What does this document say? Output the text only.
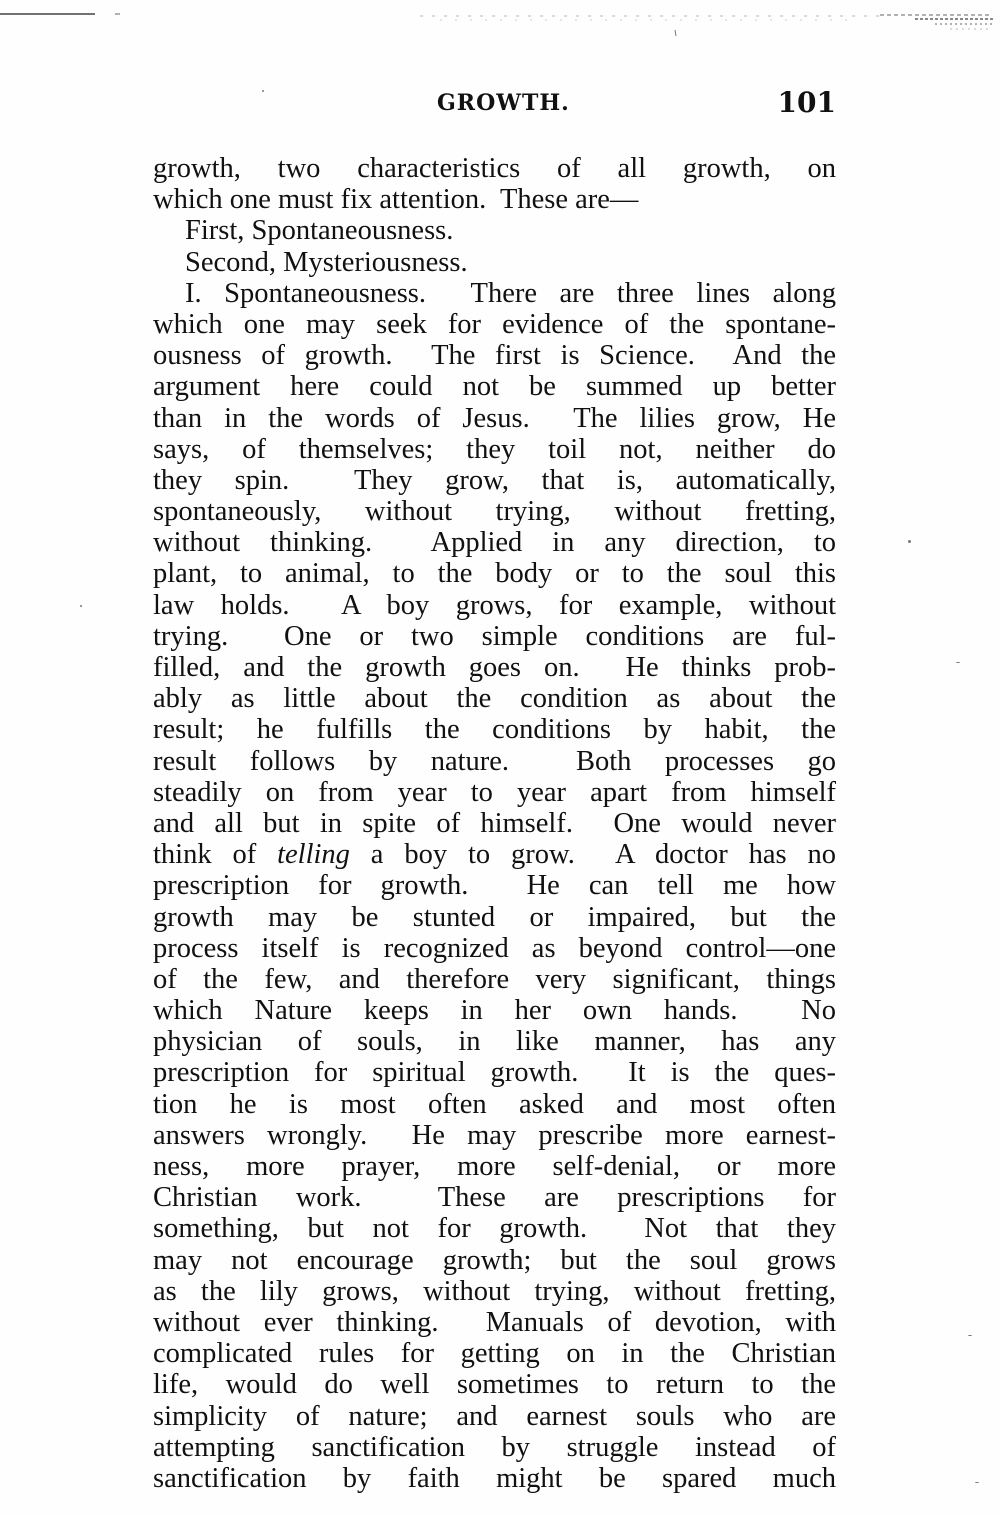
GROWTH.	101
growth, two characteristics of all growth, on
which one must fix attention.  These are—
First, Spontaneousness.
Second, Mysteriousness.
I. Spontaneousness.  There are three lines along
which one may seek for evidence of the spontane-
ousness of growth.  The first is Science.  And the
argument here could not be summed up better
than in the words of Jesus.  The lilies grow, He
says, of themselves; they toil not, neither do
they spin.  They grow, that is, automatically,
spontaneously, without trying, without fretting,
without thinking.  Applied in any direction, to
plant, to animal, to the body or to the soul this
law holds.  A boy grows, for example, without
trying.  One or two simple conditions are ful-
filled, and the growth goes on.  He thinks prob-
ably as little about the condition as about the
result; he fulfills the conditions by habit, the
result follows by nature.  Both processes go
steadily on from year to year apart from himself
and all but in spite of himself.  One would never
think of telling a boy to grow.  A doctor has no
prescription for growth.  He can tell me how
growth may be stunted or impaired, but the
process itself is recognized as beyond control—one
of the few, and therefore very significant, things
which Nature keeps in her own hands.  No
physician of souls, in like manner, has any
prescription for spiritual growth.  It is the ques-
tion he is most often asked and most often
answers wrongly.  He may prescribe more earnest-
ness, more prayer, more self-denial, or more
Christian work.  These are prescriptions for
something, but not for growth.  Not that they
may not encourage growth; but the soul grows
as the lily grows, without trying, without fretting,
without ever thinking.  Manuals of devotion, with
complicated rules for getting on in the Christian
life, would do well sometimes to return to the
simplicity of nature; and earnest souls who are
attempting sanctification by struggle instead of
sanctification by faith might be spared much
